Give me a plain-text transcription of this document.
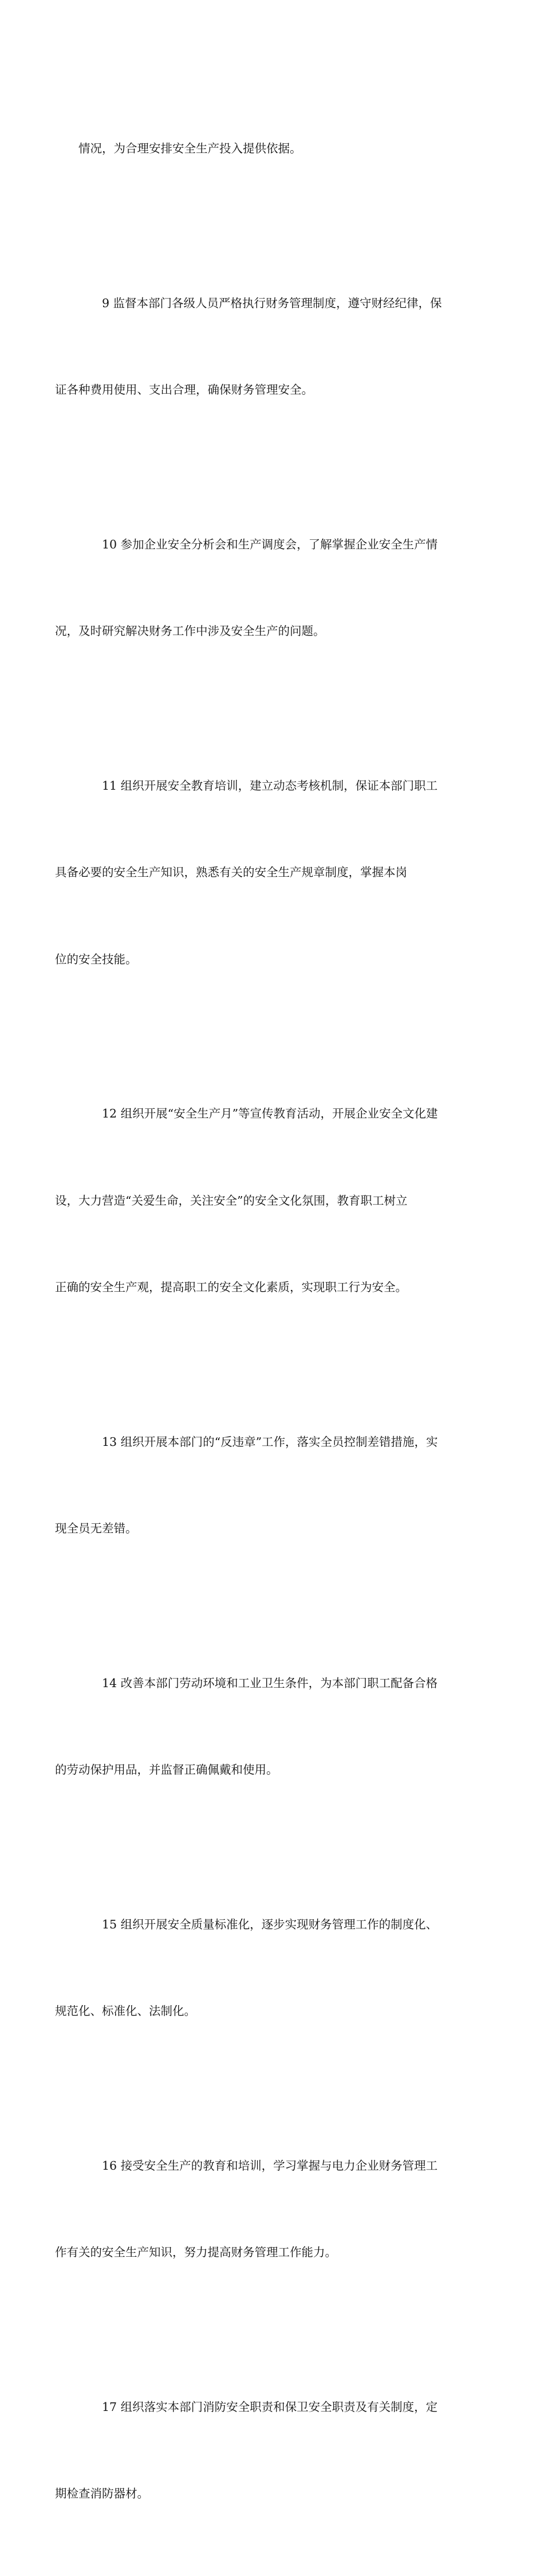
情况，为合理安排安全生产投入提供依据。

9 监督本部门各级人员严格执行财务管理制度，遵守财经纪律，保

证各种费用使用、支出合理，确保财务管理安全。

10 参加企业安全分析会和生产调度会，了解掌握企业安全生产情

况，及时研究解决财务工作中涉及安全生产的问题。

11 组织开展安全教育培训，建立动态考核机制，保证本部门职工

具备必要的安全生产知识，熟悉有关的安全生产规章制度，掌握本岗

位的安全技能。

12 组织开展“安全生产月”等宣传教育活动，开展企业安全文化建

设，大力营造“关爱生命，关注安全”的安全文化氛围，教育职工树立

正确的安全生产观，提高职工的安全文化素质，实现职工行为安全。

13 组织开展本部门的“反违章”工作，落实全员控制差错措施，实

现全员无差错。

14 改善本部门劳动环境和工业卫生条件，为本部门职工配备合格

的劳动保护用品，并监督正确佩戴和使用。

15 组织开展安全质量标准化，逐步实现财务管理工作的制度化、

规范化、标准化、法制化。

16 接受安全生产的教育和培训，学习掌握与电力企业财务管理工

作有关的安全生产知识，努力提高财务管理工作能力。

17 组织落实本部门消防安全职责和保卫安全职责及有关制度，定

期检查消防器材。
